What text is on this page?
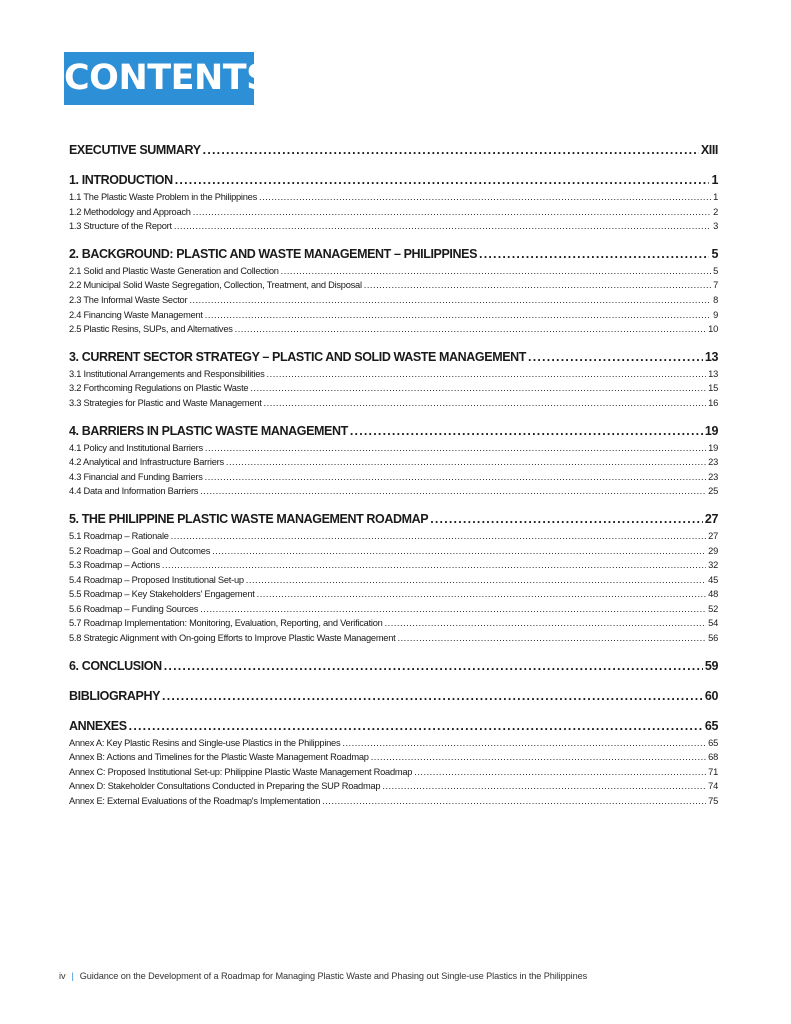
CONTENTS
EXECUTIVE SUMMARY .....	XIII
1. INTRODUCTION .....	1
1.1 The Plastic Waste Problem in the Philippines .....	1
1.2 Methodology and Approach .....	2
1.3 Structure of the Report .....	3
2. BACKGROUND: PLASTIC AND WASTE MANAGEMENT – PHILIPPINES .....	5
2.1 Solid and Plastic Waste Generation and Collection .....	5
2.2 Municipal Solid Waste Segregation, Collection, Treatment, and Disposal .....	7
2.3 The Informal Waste Sector .....	8
2.4 Financing Waste Management .....	9
2.5 Plastic Resins, SUPs, and Alternatives .....	10
3. CURRENT SECTOR STRATEGY – PLASTIC AND SOLID WASTE MANAGEMENT .....	13
3.1 Institutional Arrangements and Responsibilities .....	13
3.2 Forthcoming Regulations on Plastic Waste .....	15
3.3 Strategies for Plastic and Waste Management .....	16
4. BARRIERS IN PLASTIC WASTE MANAGEMENT .....	19
4.1 Policy and Institutional Barriers .....	19
4.2 Analytical and Infrastructure Barriers .....	23
4.3 Financial and Funding Barriers .....	23
4.4 Data and Information Barriers .....	25
5. THE PHILIPPINE PLASTIC WASTE MANAGEMENT ROADMAP .....	27
5.1 Roadmap – Rationale .....	27
5.2 Roadmap – Goal and Outcomes .....	29
5.3 Roadmap – Actions .....	32
5.4 Roadmap – Proposed Institutional Set-up .....	45
5.5 Roadmap – Key Stakeholders' Engagement .....	48
5.6 Roadmap – Funding Sources .....	52
5.7 Roadmap Implementation: Monitoring, Evaluation, Reporting, and Verification .....	54
5.8 Strategic Alignment with On-going Efforts to Improve Plastic Waste Management .....	56
6. CONCLUSION .....	59
BIBLIOGRAPHY .....	60
ANNEXES .....	65
Annex A: Key Plastic Resins and Single-use Plastics in the Philippines .....	65
Annex B: Actions and Timelines for the Plastic Waste Management Roadmap .....	68
Annex C: Proposed Institutional Set-up: Philippine Plastic Waste Management Roadmap .....	71
Annex D: Stakeholder Consultations Conducted in Preparing the SUP Roadmap .....	74
Annex E: External Evaluations of the Roadmap's Implementation .....	75
iv | Guidance on the Development of a Roadmap for Managing Plastic Waste and Phasing out Single-use Plastics in the Philippines
